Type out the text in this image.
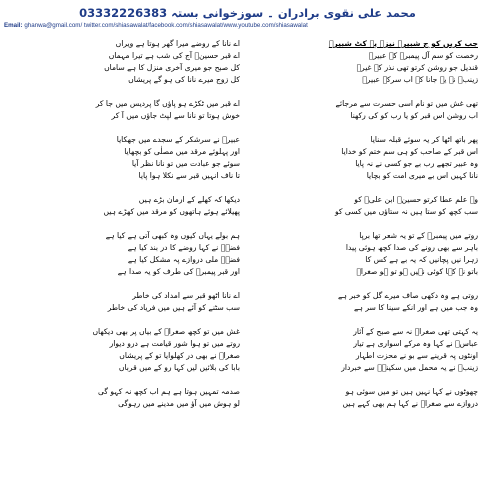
محمد علی نقوی برادران ۔ سوزخوانی بستہ 03332226383
Email: ghanwa@gmail.com/ twitter.com/shiasawalat/facebook.com/shiasawalat/www.youtube.com/shiasawalat
جب کریں کو ج شبیرؑ نیزے پہ کٹ شبیرؑ
رخصت کو سم آل پیمبرؑ کے عبیرؑ
قندیل جو روشن کرتو تھی نذر کے غیرؑ
زینبؑ نے یہ جانا کے اب سرکے عبیرؑ
تھی غش میں تو نام اسی حسرت سے مرجائے
اب روشن اس قبر کو یا رب کو کی رکھنا
پھر باتھ اٹھا کر یہ سوئے قبلہ سنایا
اس قبر کے صاحب کو ہی سم ختم کو خدایا
وہ عبیر تجھے رب بے جو کسی نے نہ پایا
نانا کہیں اس بے میری امت کو بچایا
وہ علم عطا کرتو حسینؑ ابن علیؑ کو
سب کچھ کو ستا ہیں نہ ستاؤں میں کسی کو
روتے میں پیمبرؑ کے تو یہ شعر تھا برپا
باہر سے بھی رونے کی صدا کچھ ہوئی پیدا
زہرا نیں پچانیں کہ یہ بے ہے کس کا
باتو نے کہا کوئی نہیں ہو تو ہو صغراؑ
روتی ہے وہ دکھی صاف میرے گل کو خبر ہے
وہ جب میں ہے اور انکے سینا کا سر ہے
یہ کہتی تھی صغراؑ نہ سے صبح کے آثار
عباسؑ نے کہا وہ مرکے اسواری ہے تیار
اونٹوں پہ قرینے سے بو نے محزت اطہار
زینبؑ نے یہ محمل میں سکینہؑ سے خبردار
چھوٹوں نے کہا نہیں ہیں تو میں سوئی ہو
دروازے سے صغراؑ نے کہا ہم بھی کہے ہیں
اے نانا کے روضے میرا گھر ہوتا ہے ویراں
اے قبر حسینؑ آج کی شب ہے تیرا مہماں
کل صبح جو میری آخری منزل کا ہے ساماں
کل زوج میرے نانا کی ہو گے پریشاں
اے قبر میں ٹکڑے ہو پاؤں گا پردیس میں جا کر
خوش ہوتا تو نانا سے لپٹ جاؤں میں آ کر
عبیرؑ نے سرشکر کے سجدے میں جھکایا
اور پہلوئے مرقد میں مصلٰی کو بچھایا
سوئے جو عبادت میں تو نانا نظر آیا
تا ناف انہیں قبر سے نکلا ہوا پایا
دیکھا کہ کھلے کے ارمان بڑے ہیں
پھیلائے ہوئے ہاتھوں کو مرقد میں کھڑے ہیں
ہم بولے یہاں کیوں وہ کبھی آتی ہے کیا ہے
فضہؑ نے کہا روضے کا در بند کیا ہے
فضہؑ ملی دروازے پہ مشکل کیا ہے
اور قبر پیمبرؑ کی طرف کو یہ صدا ہے
اے نانا اٹھو قبر سے امداد کی خاطر
سب سٹنے کو آئے ہیں میں فریاد کی خاطر
غش میں تو کچھ صغراؑ کے بیاں پر بھی دیکھاں
روتے میں تو ہوا شور قیامت ہے درو دیوار
صغراؑ نے بھی در کھلوایا تو کے پریشاں
بابا کی بلائیں لیں کہا رو کے میں قرباں
صدمہ تمہیں ہوتا ہے ہم اب کچھ نہ کہو گی
لو ہوش میں آؤ میں مدینے میں رہوگی
